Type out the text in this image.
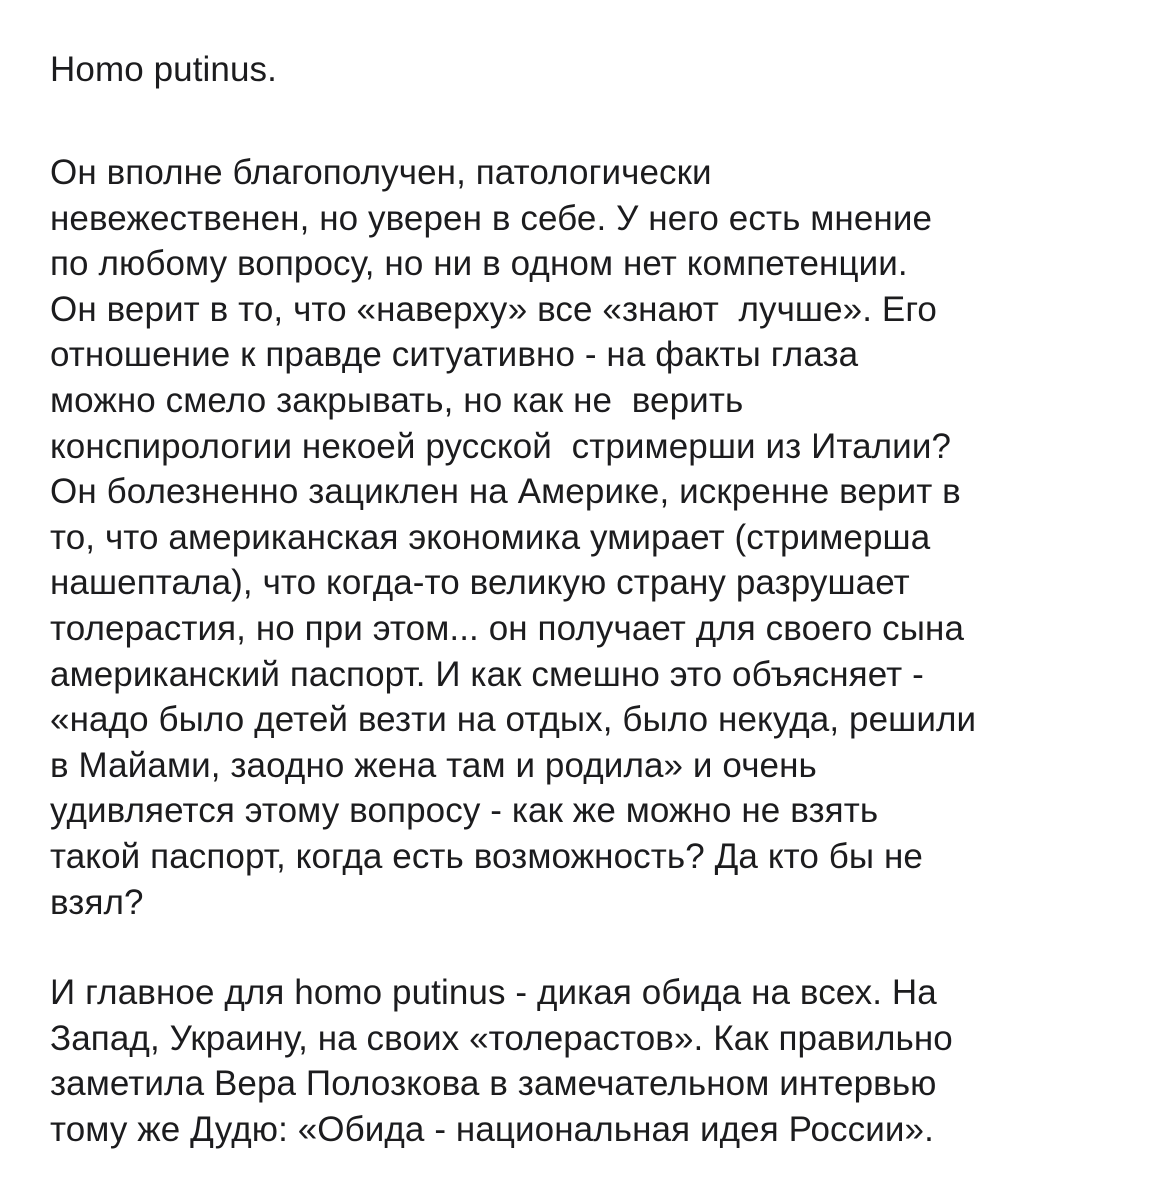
Homo putinus.
Он вполне благополучен, патологически
невежественен, но уверен в себе. У него есть мнение
по любому вопросу, но ни в одном нет компетенции.
Он верит в то, что «наверху» все «знают  лучше». Его
отношение к правде ситуативно - на факты глаза
можно смело закрывать, но как не  верить
конспирологии некоей русской  стримерши из Италии?
Он болезненно зациклен на Америке, искренне верит в
то, что американская экономика умирает (стримерша
нашептала), что когда-то великую страну разрушает
толерастия, но при этом... он получает для своего сына
американский паспорт. И как смешно это объясняет -
«надо было детей везти на отдых, было некуда, решили
в Майами, заодно жена там и родила» и очень
удивляется этому вопросу - как же можно не взять
такой паспорт, когда есть возможность? Да кто бы не
взял?
И главное для homo putinus - дикая обида на всех. На
Запад, Украину, на своих «толерастов». Как правильно
заметила Вера Полозкова в замечательном интервью
тому же Дудю: «Обида - национальная идея России».
